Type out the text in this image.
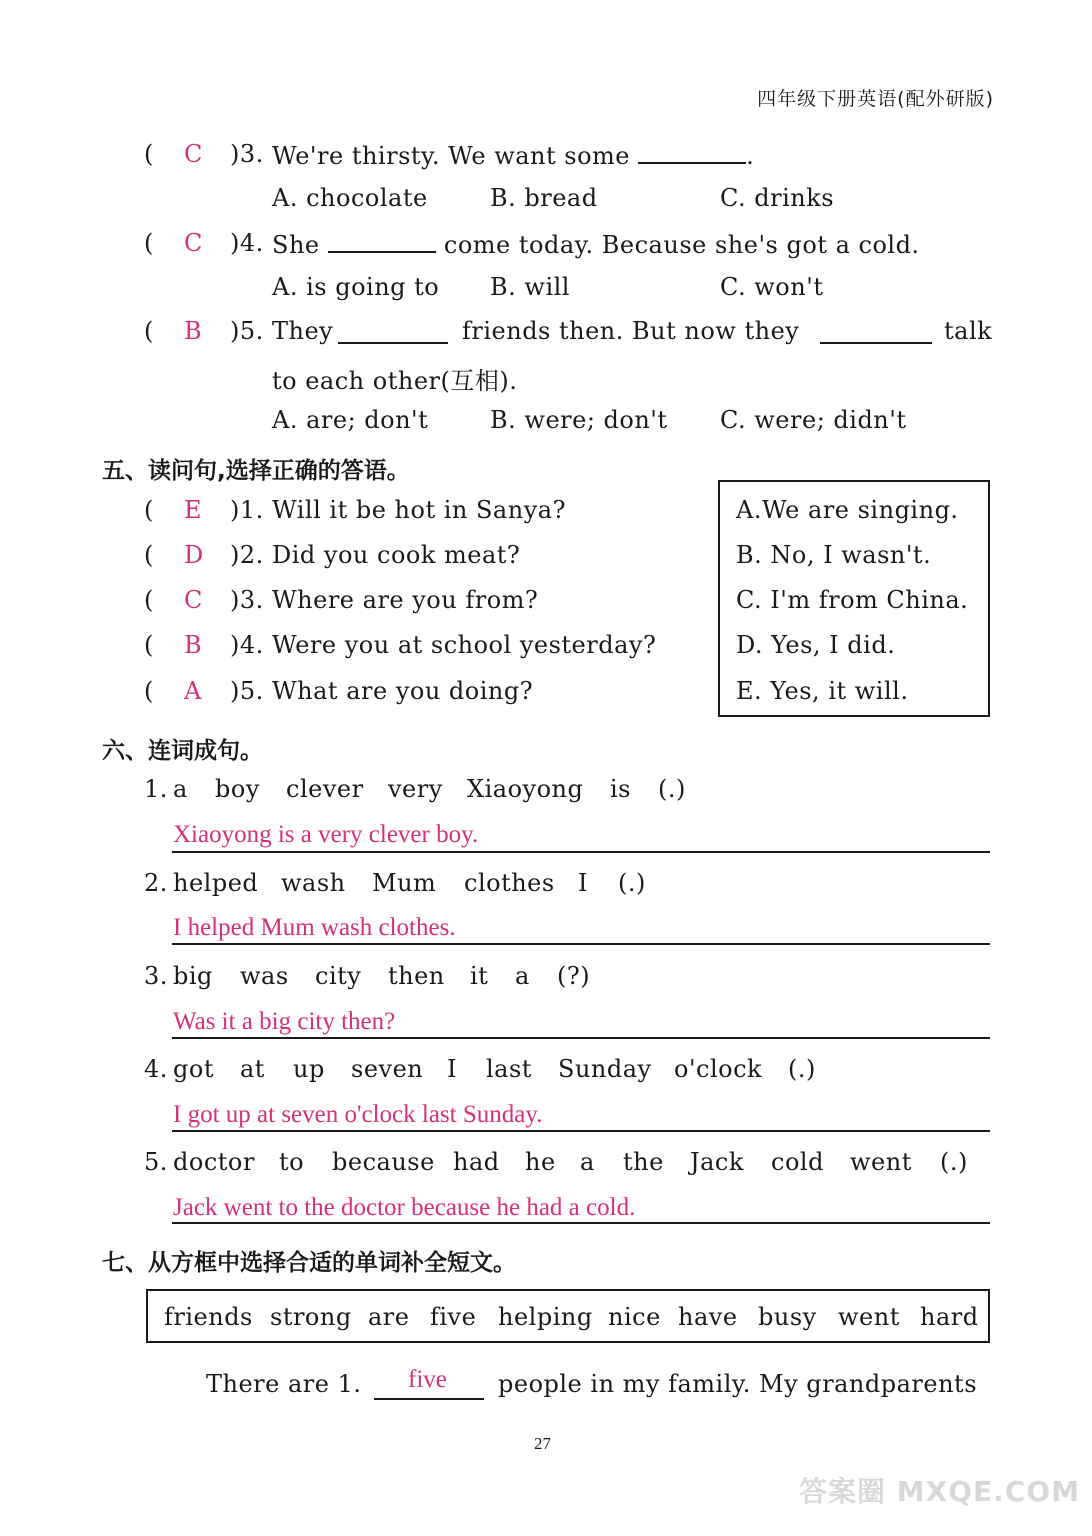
四年级下册英语(配外研版)
( C )3. We're thirsty. We want some	.
A. chocolate	B. bread	C. drinks
( C )4. She	come today. Because she's got a cold.
A. is going to B. will	C. won't
( B )5. They	friends then. But now they	talk
to each other(互相).
A. are; don't	B. were; don't C. were; didn't
五、读问句,选择正确的答语。
( E )1. Will it be hot in Sanya?
( D )2. Did you cook meat?
( C )3. Where are you from?
( B )4. Were you at school yesterday?
( A )5. What are you doing?
A.We are singing.
B. No, I wasn't.
C. I'm from China.
D. Yes, I did.
E. Yes, it will.
六、连词成句。
1. a boy clever very Xiaoyong is (.)
Xiaoyong is a very clever boy.
2. helped wash Mum clothes I (.)
I helped Mum wash clothes.
3. big was city then it a (?)
Was it a big city then?
4. got at up seven I last Sunday o'clock (.)
I got up at seven o'clock last Sunday.
5. doctor to because had he a the Jack cold went (.)
Jack went to the doctor because he had a cold.
七、从方框中选择合适的单词补全短文。
friends strong are five helping nice have busy went hard
There are 1. five people in my family. My grandparents
27
答案圈 MXQE.COM
